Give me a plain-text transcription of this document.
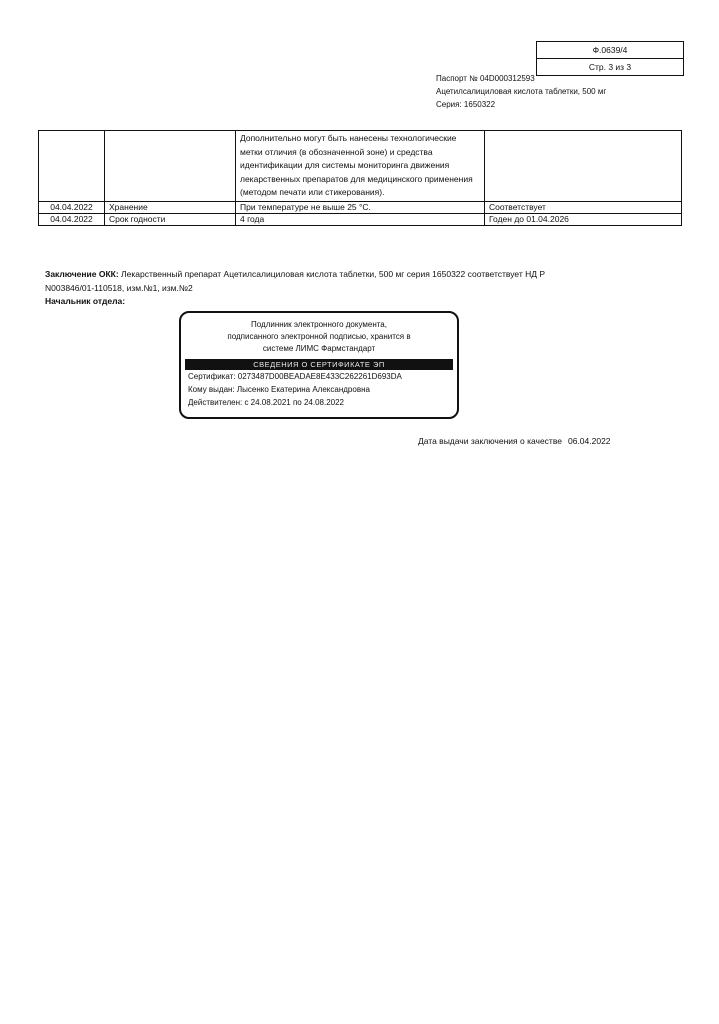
Ф.0639/4
Стр. 3 из 3
Паспорт № 04D000312593
Ацетилсалициловая кислота таблетки, 500 мг
Серия: 1650322
		Дополнительно могут быть нанесены технологические метки отличия (в обозначенной зоне) и средства идентификации для системы мониторинга движения лекарственных препаратов для медицинского применения (методом печати или стикерования).	
04.04.2022	Хранение	При температуре не выше 25 °С.	Соответствует
04.04.2022	Срок годности	4 года	Годен до 01.04.2026
Заключение ОКК: Лекарственный препарат Ацетилсалициловая кислота таблетки, 500 мг серия 1650322 соответствует НД Р N003846/01-110518, изм.№1, изм.№2
Начальник отдела:
Подлинник электронного документа,
подписанного электронной подписью, хранится в
системе ЛИМС Фармстандарт
СВЕДЕНИЯ О СЕРТИФИКАТЕ ЭП
Сертификат: 0273487D00BEADAE8E433C262261D693DA
Кому выдан: Лысенко Екатерина Александровна
Действителен: с 24.08.2021 по 24.08.2022
Дата выдачи заключения о качестве 06.04.2022
